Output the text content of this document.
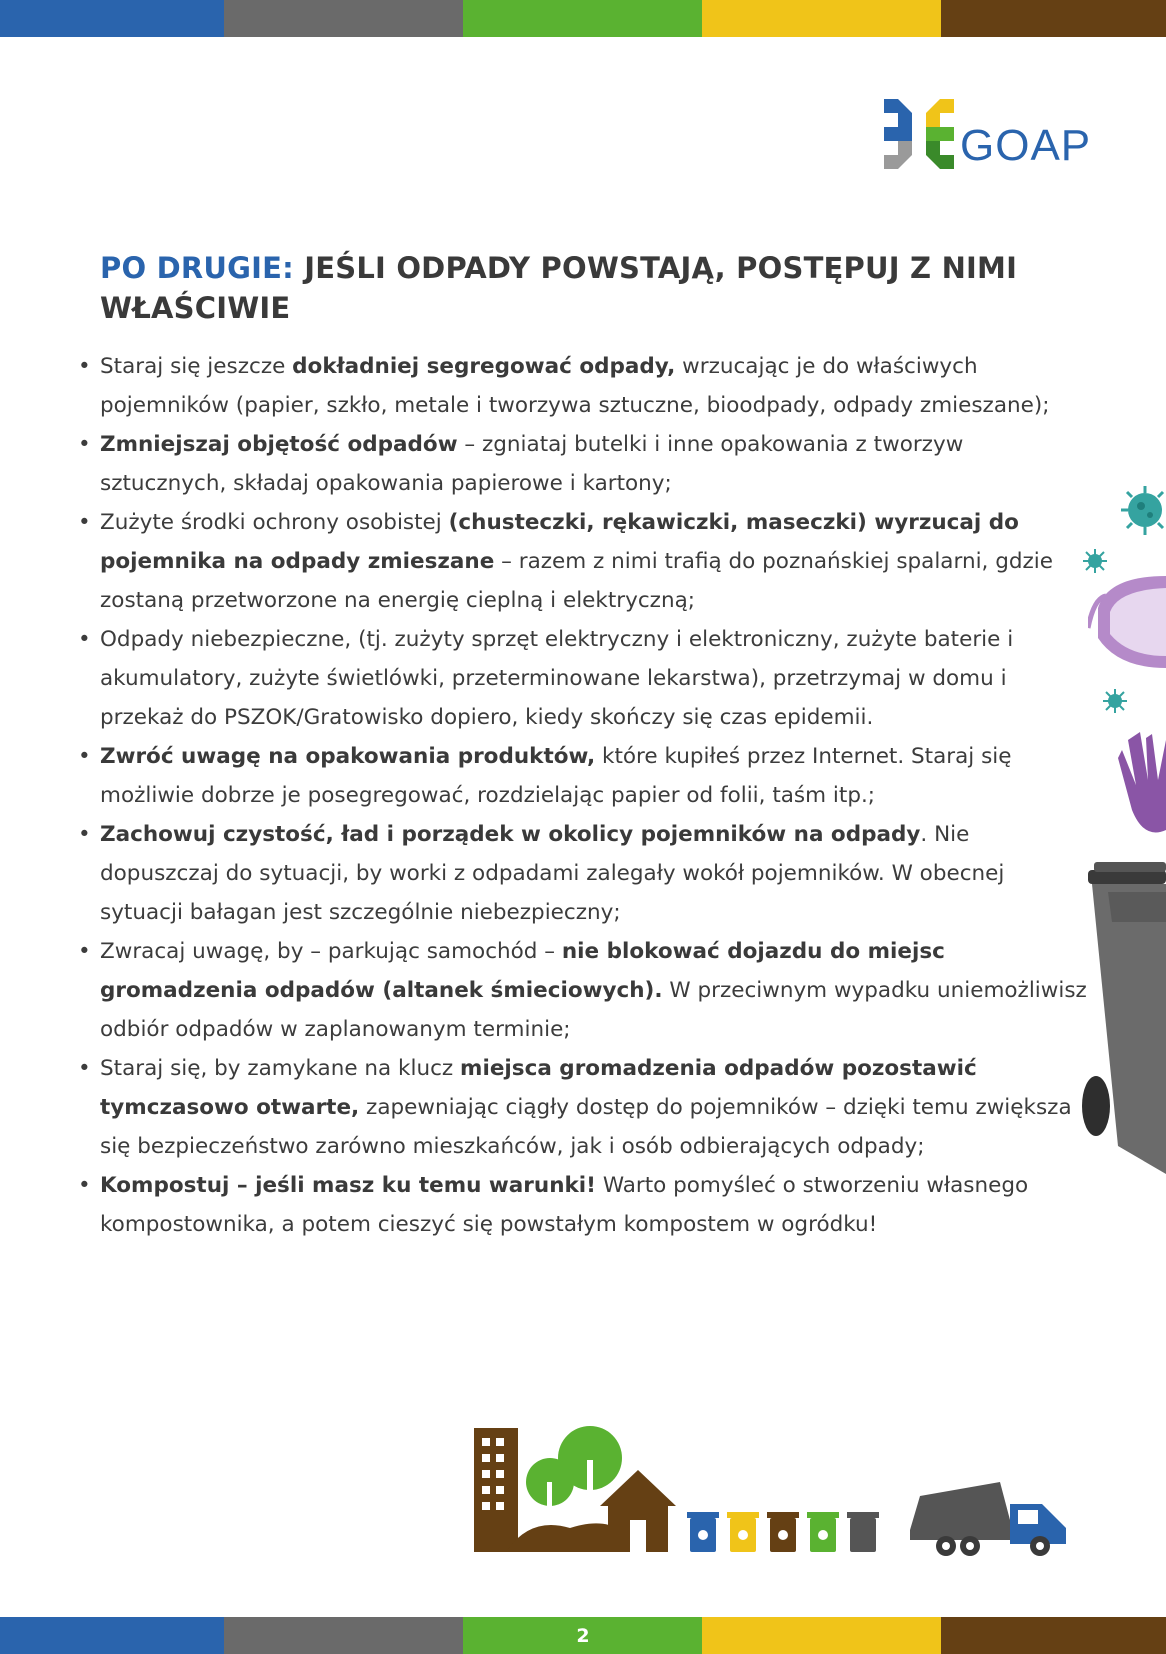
GOAP
PO DRUGIE: JEŚLI ODPADY POWSTAJĄ, POSTĘPUJ Z NIMI WŁAŚCIWIE
• Staraj się jeszcze dokładniej segregować odpady, wrzucając je do właściwych pojemników (papier, szkło, metale i tworzywa sztuczne, bioodpady, odpady zmieszane);
• Zmniejszaj objętość odpadów – zgniataj butelki i inne opakowania z tworzyw sztucznych, składaj opakowania papierowe i kartony;
• Zużyte środki ochrony osobistej (chusteczki, rękawiczki, maseczki) wyrzucaj do pojemnika na odpady zmieszane – razem z nimi trafią do poznańskiej spalarni, gdzie zostaną przetworzone na energię cieplną i elektryczną;
• Odpady niebezpieczne, (tj. zużyty sprzęt elektryczny i elektroniczny, zużyte baterie i akumulatory, zużyte świetlówki, przeterminowane lekarstwa), przetrzymaj w domu i przekaż do PSZOK/Gratowisko dopiero, kiedy skończy się czas epidemii.
• Zwróć uwagę na opakowania produktów, które kupiłeś przez Internet. Staraj się możliwie dobrze je posegregować, rozdzielając papier od folii, taśm itp.;
• Zachowuj czystość, ład i porządek w okolicy pojemników na odpady. Nie dopuszczaj do sytuacji, by worki z odpadami zalegały wokół pojemników. W obecnej sytuacji bałagan jest szczególnie niebezpieczny;
• Zwracaj uwagę, by – parkując samochód – nie blokować dojazdu do miejsc gromadzenia odpadów (altanek śmieciowych). W przeciwnym wypadku uniemożliwisz odbiór odpadów w zaplanowanym terminie;
• Staraj się, by zamykane na klucz miejsca gromadzenia odpadów pozostawić tymczasowo otwarte, zapewniając ciągły dostęp do pojemników – dzięki temu zwiększa się bezpieczeństwo zarówno mieszkańców, jak i osób odbierających odpady;
• Kompostuj – jeśli masz ku temu warunki! Warto pomyśleć o stworzeniu własnego kompostownika, a potem cieszyć się powstałym kompostem w ogródku!
2
